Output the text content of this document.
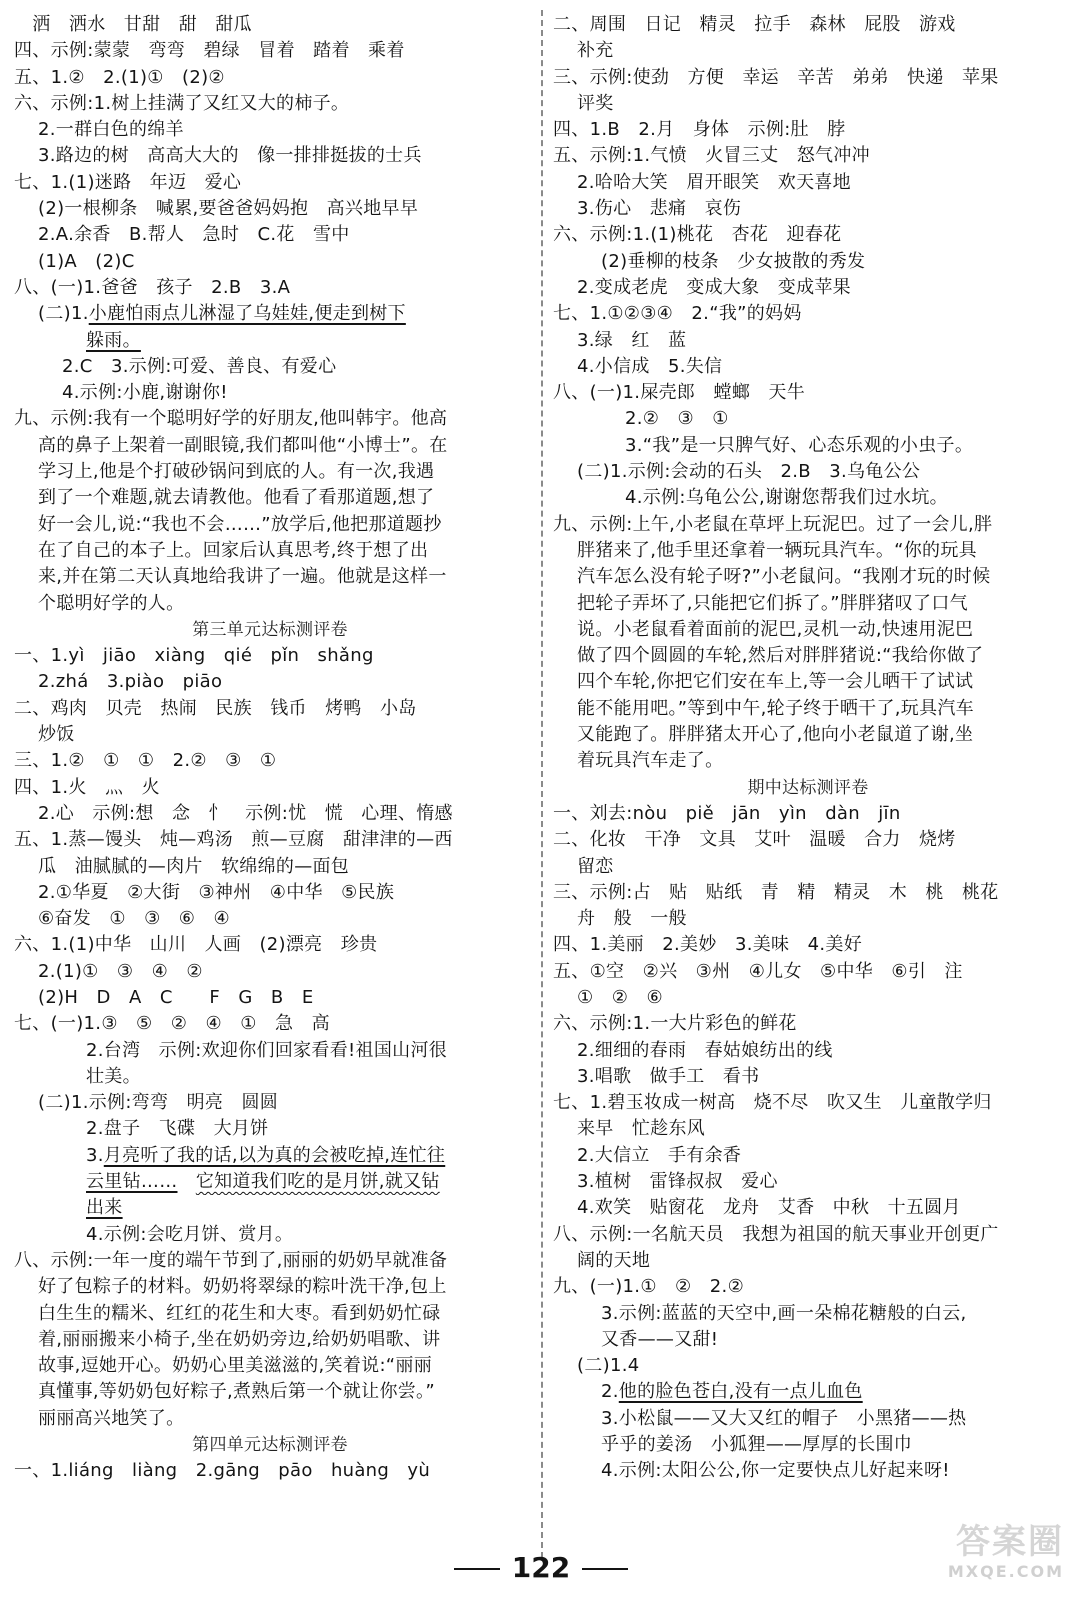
　洒　洒水　甘甜　甜　甜瓜
四、示例:蒙蒙　弯弯　碧绿　冒着　踏着　乘着
五、1.②　2.(1)①　(2)②
六、示例:1.树上挂满了又红又大的柿子。
2.一群白色的绵羊
3.路边的树　高高大大的　像一排排挺拔的士兵
七、1.(1)迷路　年迈　爱心
(2)一根柳条　喊累,要爸爸妈妈抱　高兴地早早
2.A.余香　B.帮人　急时　C.花　雪中
(1)A　(2)C
八、(一)1.爸爸　孩子　2.B　3.A
(二)1.小鹿怕雨点儿淋湿了乌娃娃,便走到树下
躲雨。
2.C　3.示例:可爱、善良、有爱心
4.示例:小鹿,谢谢你!
九、示例:我有一个聪明好学的好朋友,他叫韩宇。他高
高的鼻子上架着一副眼镜,我们都叫他“小博士”。在
学习上,他是个打破砂锅问到底的人。有一次,我遇
到了一个难题,就去请教他。他看了看那道题,想了
好一会儿,说:“我也不会……”放学后,他把那道题抄
在了自己的本子上。回家后认真思考,终于想了出
来,并在第二天认真地给我讲了一遍。他就是这样一
个聪明好学的人。
第三单元达标测评卷
一、1.yì　jiāo　xiàng　qié　pǐn　shǎng
2.zhá　3.piào　piāo
二、鸡肉　贝壳　热闹　民族　钱币　烤鸭　小岛
炒饭
三、1.②　①　①　2.②　③　①
四、1.火　灬　火
2.心　示例:想　念　忄　示例:忧　慌　心理、惰感
五、1.蒸—馒头　炖—鸡汤　煎—豆腐　甜津津的—西
瓜　油腻腻的—肉片　软绵绵的—面包
2.①华夏　②大街　③神州　④中华　⑤民族
⑥奋发　①　③　⑥　④
六、1.(1)中华　山川　人画　(2)漂亮　珍贵
2.(1)①　③　④　②
(2)H　D　A　C　　F　G　B　E
七、(一)1.③　⑤　②　④　①　急　高
2.台湾　示例:欢迎你们回家看看!祖国山河很
壮美。
(二)1.示例:弯弯　明亮　圆圆
2.盘子　飞碟　大月饼
3.月亮听了我的话,以为真的会被吃掉,连忙往
云里钻……　 它知道我们吃的是月饼,就又钻
出来
4.示例:会吃月饼、赏月。
八、示例:一年一度的端午节到了,丽丽的奶奶早就准备
好了包粽子的材料。奶奶将翠绿的粽叶洗干净,包上
白生生的糯米、红红的花生和大枣。看到奶奶忙碌
着,丽丽搬来小椅子,坐在奶奶旁边,给奶奶唱歌、讲
故事,逗她开心。奶奶心里美滋滋的,笑着说:“丽丽
真懂事,等奶奶包好粽子,煮熟后第一个就让你尝。”
丽丽高兴地笑了。
第四单元达标测评卷
一、1.liáng　liàng　2.gāng　pāo　huàng　yù
二、周围　日记　精灵　拉手　森林　屁股　游戏
补充
三、示例:使劲　方便　幸运　辛苦　弟弟　快递　苹果
评奖
四、1.B　2.月　身体　示例:肚　脖
五、示例:1.气愤　火冒三丈　怒气冲冲
2.哈哈大笑　眉开眼笑　欢天喜地
3.伤心　悲痛　哀伤
六、示例:1.(1)桃花　杏花　迎春花
(2)垂柳的枝条　少女披散的秀发
2.变成老虎　变成大象　变成苹果
七、1.①②③④　2.“我”的妈妈
3.绿　红　蓝
4.小信成　5.失信
八、(一)1.屎壳郎　螳螂　天牛
2.②　③　①
3.“我”是一只脾气好、心态乐观的小虫子。
(二)1.示例:会动的石头　2.B　3.乌龟公公
4.示例:乌龟公公,谢谢您帮我们过水坑。
九、示例:上午,小老鼠在草坪上玩泥巴。过了一会儿,胖
胖猪来了,他手里还拿着一辆玩具汽车。“你的玩具
汽车怎么没有轮子呀?”小老鼠问。“我刚才玩的时候
把轮子弄坏了,只能把它们拆了。”胖胖猪叹了口气
说。小老鼠看着面前的泥巴,灵机一动,快速用泥巴
做了四个圆圆的车轮,然后对胖胖猪说:“我给你做了
四个车轮,你把它们安在车上,等一会儿晒干了试试
能不能用吧。”等到中午,轮子终于晒干了,玩具汽车
又能跑了。胖胖猪太开心了,他向小老鼠道了谢,坐
着玩具汽车走了。
期中达标测评卷
一、刘去:nòu　piě　jān　yìn　dàn　jīn
二、化妆　干净　文具　艾叶　温暖　合力　烧烤
留恋
三、示例:占　贴　贴纸　青　精　精灵　木　桃　桃花
舟　般　一般
四、1.美丽　2.美妙　3.美味　4.美好
五、①空　②兴　③州　④儿女　⑤中华　⑥引　注
①　②　⑥
六、示例:1.一大片彩色的鲜花
2.细细的春雨　春姑娘纺出的线
3.唱歌　做手工　看书
七、1.碧玉妆成一树高　烧不尽　吹又生　儿童散学归
来早　忙趁东风
2.大信立　手有余香
3.植树　雷锋叔叔　爱心
4.欢笑　贴窗花　龙舟　艾香　中秋　十五圆月
八、示例:一名航天员　我想为祖国的航天事业开创更广
阔的天地
九、(一)1.①　②　2.②
3.示例:蓝蓝的天空中,画一朵棉花糖般的白云,
又香——又甜!
(二)1.4
2.他的脸色苍白,没有一点儿血色
3.小松鼠——又大又红的帽子　小黑猪——热
乎乎的姜汤　小狐狸——厚厚的长围巾
4.示例:太阳公公,你一定要快点儿好起来呀!
122
答案圈
MXQE.COM
